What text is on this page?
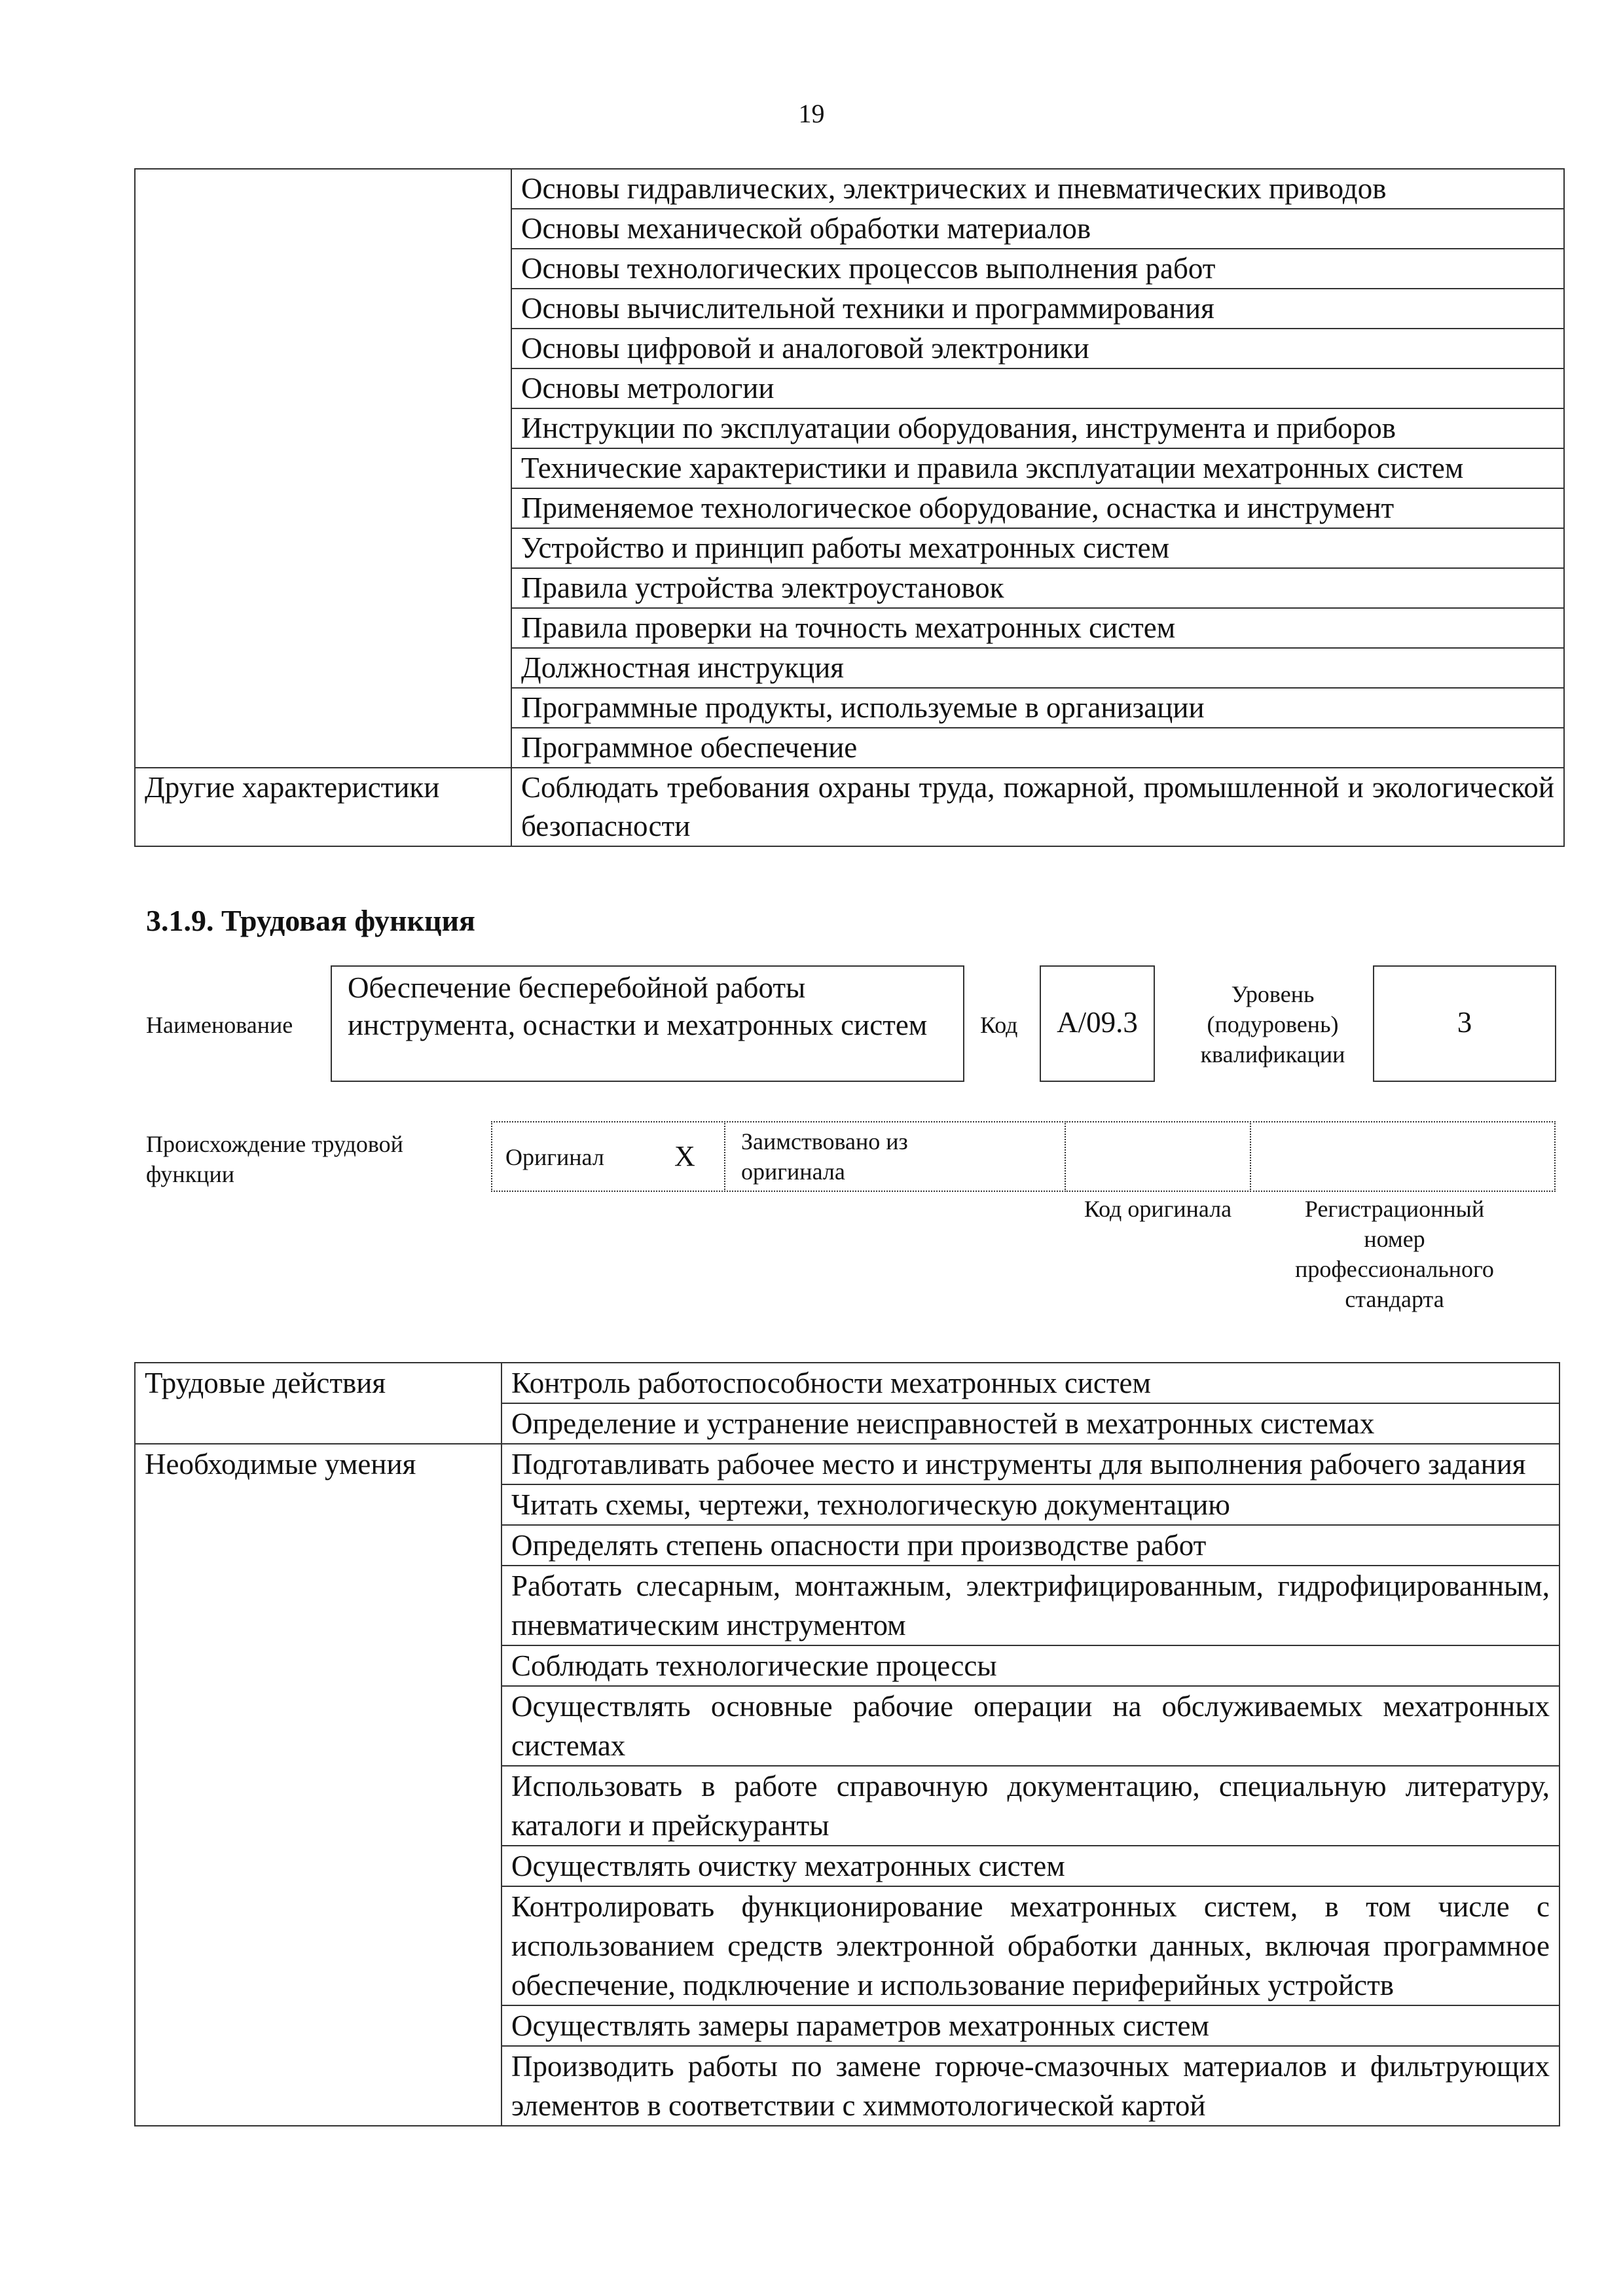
19
	Основы гидравлических, электрических и пневматических приводов
	Основы механической обработки материалов
	Основы технологических процессов выполнения работ
	Основы вычислительной техники и программирования
	Основы цифровой и аналоговой электроники
	Основы метрологии
	Инструкции по эксплуатации оборудования, инструмента и приборов
	Технические характеристики и правила эксплуатации мехатронных систем
	Применяемое технологическое оборудование, оснастка и инструмент
	Устройство и принцип работы мехатронных систем
	Правила устройства электроустановок
	Правила проверки на точность мехатронных систем
	Должностная инструкция
	Программные продукты, используемые в организации
	Программное обеспечение
Другие характеристики	Соблюдать требования охраны труда, пожарной, промышленной и экологической безопасности
3.1.9. Трудовая функция
Наименование
Обеспечение бесперебойной работы инструмента, оснастки и мехатронных систем	Код	А/09.3
Уровень (подуровень) квалификации
3
Происхождение трудовой функции
Оригинал X Заимствовано из оригинала
Код оригинала	Регистрационный номер профессионального стандарта
Трудовые действия	Контроль работоспособности мехатронных систем
	Определение и устранение неисправностей в мехатронных системах
Необходимые умения	Подготавливать рабочее место и инструменты для выполнения рабочего задания
	Читать схемы, чертежи, технологическую документацию
	Определять степень опасности при производстве работ
	Работать слесарным, монтажным, электрифицированным, гидрофицированным, пневматическим инструментом
	Соблюдать технологические процессы
	Осуществлять основные рабочие операции на обслуживаемых мехатронных системах
	Использовать в работе справочную документацию, специальную литературу, каталоги и прейскуранты
	Осуществлять очистку мехатронных систем
	Контролировать функционирование мехатронных систем, в том числе с использованием средств электронной обработки данных, включая программное обеспечение, подключение и использование периферийных устройств
	Осуществлять замеры параметров мехатронных систем
	Производить работы по замене горюче-смазочных материалов и фильтрующих элементов в соответствии с химмотологической картой
